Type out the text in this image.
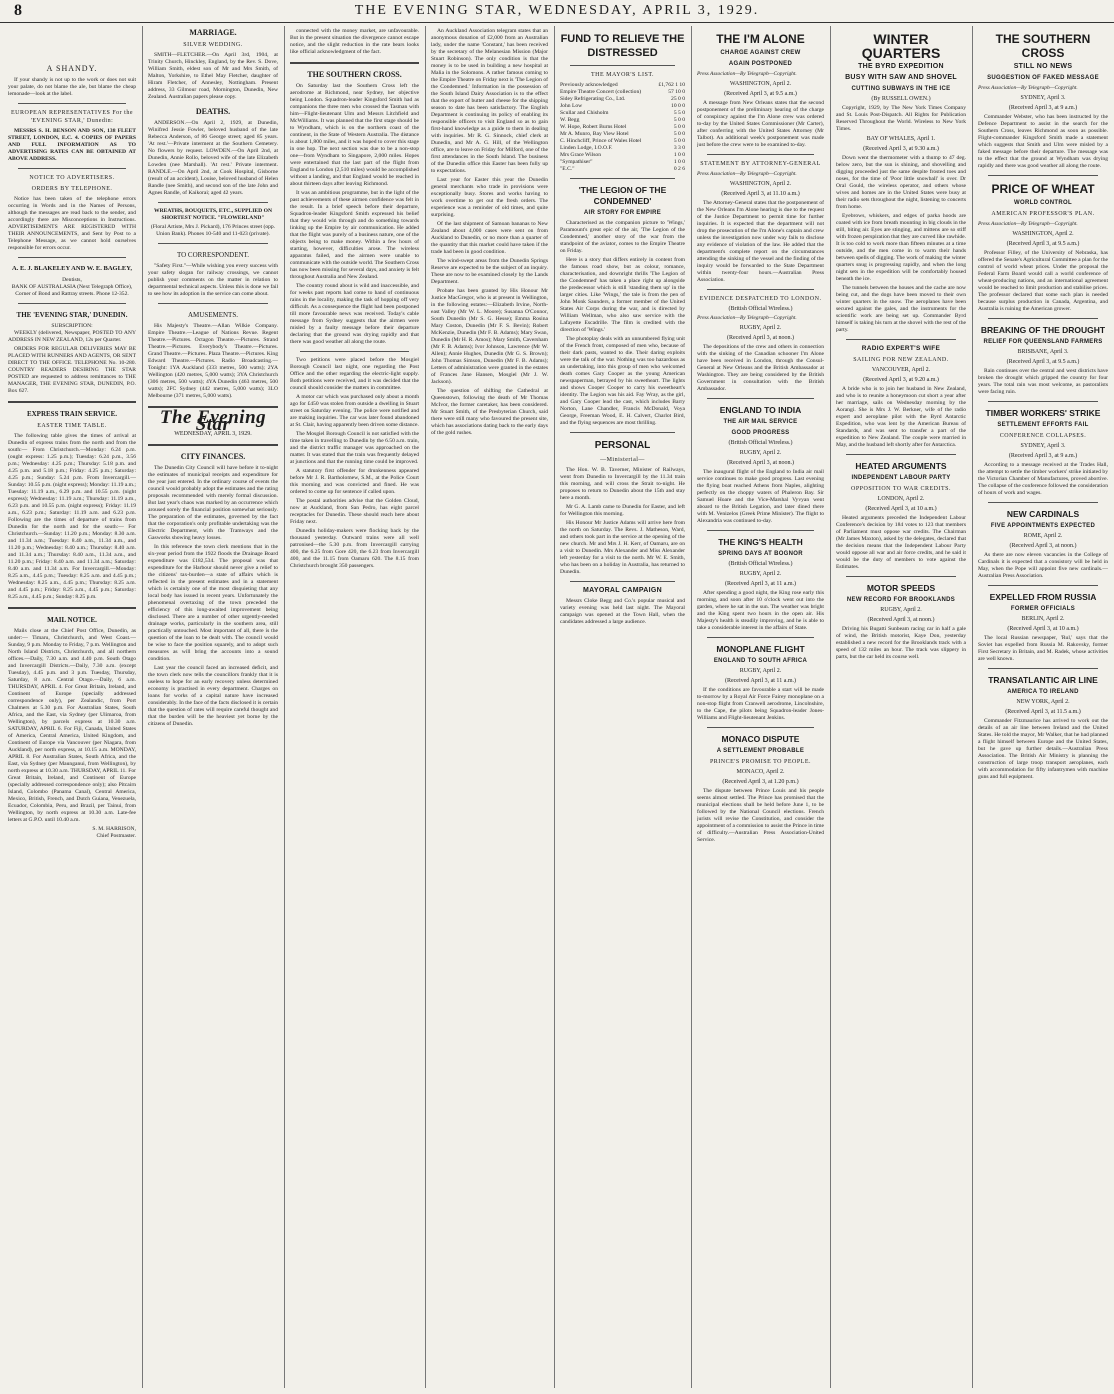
8	THE EVENING STAR, WEDNESDAY, APRIL 3, 1929.
A SHANDY.

If your shandy is not up to the work or does not suit your palate, do not blame the ale, but blame the cheap lemonade—look at the label.

EUROPEAN REPRESENTATIVES For the 'EVENING STAR,' Dunedin:

MESSRS S. H. BENSON AND SON, 138 FLEET STREET, LONDON, E.C. 4. COPIES OF PAPERS AND FULL INFORMATION AS TO ADVERTISING RATES CAN BE OBTAINED AT ABOVE ADDRESS.

NOTICE TO ADVERTISERS.
ORDERS BY TELEPHONE.

Notice has been taken of the telephone errors occurring in Words and in the Names of Persons, although the messages are read back to the sender, and accordingly there are Misconceptions in Instructions. ADVERTISEMENTS ARE REGISTERED WITH THEIR ANNOUNCEMENTS, and Sent by Post to a Telephone Message, as we cannot hold ourselves responsible for errors occur.

A. E. J. BLAKELEY AND W. E. BAGLEY,
Dentists,

BANK OF AUSTRALASIA (Next Telegraph Office), Corner of Bond and Rattray streets. Phone 12-352.

THE 'EVENING STAR,' DUNEDIN.
SUBSCRIPTION:

WEEKLY (delivered, Newspaper, POSTED TO ANY ADDRESS IN NEW ZEALAND, 12s per Quarter.

ORDERS FOR REGULAR DELIVERIES MAY BE PLACED WITH RUNNERS AND AGENTS, OR SENT DIRECT TO THE OFFICE. TELEPHONE No. 10-280. COUNTRY READERS DESIRING THE STAR POSTED are requested to address remittances to THE MANAGER, THE EVENING STAR, DUNEDIN, P.O. Box 627.

EXPRESS TRAIN SERVICE.
EASTER TIME TABLE.

The following table gives the times of arrival at Dunedin of express trains from the north and from the south:— From Christchurch.—Monday: 6.24 p.m. (ought express: 1.25 p.m.); Tuesday: 6.24 p.m., 3.56 p.m.; Wednesday: 4.25 p.m.; Thursday: 5.18 p.m. and 4.25 p.m. and 5.18 p.m.; Friday: 4.25 p.m.; Saturday: 4.25 p.m.; Sunday: 5.24 p.m. From Invercargill.—Sunday: 10.55 p.m. (night express); Monday: 11.19 a.m.; Tuesday: 11.19 a.m., 6.29 p.m. and 10.55 p.m. (night express); Wednesday: 11.19 a.m.; Thursday: 11.19 a.m., 6.23 p.m. and 10.55 p.m. (night express); Friday: 11.19 a.m., 6.23 p.m.; Saturday: 11.19 a.m. and 6.23 p.m. Following are the times of departure of trains from Dunedin for the north and for the south:— For Christchurch.—Sunday: 11.20 p.m.; Monday: 8.30 a.m. and 11.34 a.m.; Tuesday: 8.40 a.m., 11.34 a.m., and 11.20 p.m.; Wednesday: 8.40 a.m.; Thursday: 8.40 a.m. and 11.34 a.m.; Thursday: 8.40 a.m., 11.34 a.m., and 11.20 p.m.; Friday: 8.40 a.m. and 11.34 a.m.; Saturday: 8.40 a.m. and 11.34 a.m. For Invercargill.—Monday: 8.25 a.m., 4.45 p.m.; Tuesday: 8.25 a.m. and 4.45 p.m.; Wednesday: 8.25 a.m., 4.45 p.m.; Thursday: 8.25 a.m. and 4.45 p.m.; Friday: 8.25 a.m., 4.45 p.m.; Saturday: 8.25 a.m., 4.45 p.m.; Sunday: 8.25 p.m.

MAIL NOTICE.

Mails close at the Chief Post Office, Dunedin, as under:— Timaru, Christchurch, and West Coast.—Sunday, 9 p.m. Monday to Friday, 7 p.m. Wellington and North Island Districts, Christchurch, and all northern offices.—Daily, 7.30 a.m. and 4.40 p.m. South Otago and Invercargill Districts.—Daily, 7.30 a.m. (except Tuesday), 4.45 p.m. and 3 p.m. Tuesday, Thursday, Saturday, 8 a.m. Central Otago.—Daily, 6 a.m. THURSDAY, APRIL 4. For Great Britain, Ireland, and Continent of Europe (specially addressed correspondence only), per Zealandic, from Port Chalmers at 5.30 p.m. For Australian States, South Africa, and the East, via Sydney (per Ulimaroa, from Wellington), by parcels express at 10.30 a.m. SATURDAY, APRIL 6. For Fiji, Canada, United States of America, Central America, United Kingdom, and Continent of Europe via Vancouver (per Niagara, from Auckland), per north express, at 10.15 a.m. MONDAY, APRIL 8. For Australian States, South Africa, and the East, via Sydney (per Maunganui, from Wellington), by north express at 10.30 a.m. THURSDAY, APRIL 11. For Great Britain, Ireland, and Continent of Europe (specially addressed correspondence only); also Pitcairn Island, Colombo (Panama Canal), Central America, Mexico, British, French, and Dutch Guiana, Venezuela, Ecuador, Colombia, Peru, and Brazil, per Tainui, from Wellington, by north express at 10.30 a.m. Late-fee letters at G.P.O. until 10.40 a.m.

S. M. HARRISON,
Chief Postmaster.
MARRIAGE.
SILVER WEDDING.

SMITH—FLETCHER.—On April 3rd, 1904, at Trinity Church, Hinckley, England, by the Rev. S. Dove, William Smith, eldest son of Mr and Mrs Smith, of Malton, Yorkshire, to Ethel May Fletcher, daughter of Hiram Fletcher, of Annesley, Nottingham. Present address, 33 Gilmour road, Mornington, Dunedin, New Zealand. Australian papers please copy.

DEATHS.

ANDERSON.—On April 2, 1929, at Dunedin, Winifred Jessie Fowler, beloved husband of the late Rebecca Anderson, of 86 George street; aged 85 years. 'At rest.'—Private interment at the Southern Cemetery. No flowers by request. LOWDEN.—On April 2nd, at Dunedin, Annie Rollo, beloved wife of the late Elizabeth Lowden (nee Marshall). 'At rest.' Private interment. RANDLE.—On April 2nd, at Cook Hospital, Gisborne (result of an accident), Louise, beloved husband of Helen Randle (nee Smith), and second son of the late John and Agnes Randle, of Kaikorai; aged 42 years.

WREATHS, BOUQUETS, ETC., SUPPLIED ON SHORTEST NOTICE. "FLOWERLAND"

(Floral Artiste, Mrs J. Pickard), 176 Princes street (opp. Union Bank). Phones 10-540 and 11-023 (private).

TO CORRESPONDENT.

"Safety First."—While wishing you every success with your safety slogan for railway crossings, we cannot publish your comments on the matter in relation to departmental technical aspects. Unless this is done we fail to see how its adoption in the service can come about.

AMUSEMENTS.

His Majesty's Theatre.—Allan Wilkie Company. Empire Theatre.—League of Nations Revue. Regent Theatre.—Pictures. Octagon Theatre.—Pictures. Strand Theatre.—Pictures. Everybody's Theatre.—Pictures. Grand Theatre.—Pictures. Plaza Theatre.—Pictures. King Edward Theatre.—Pictures. Radio Broadcasting.—Tonight: 1YA Auckland (333 metres, 500 watts); 2YA Wellington (420 metres, 5,000 watts); 3YA Christchurch (306 metres, 500 watts); 4YA Dunedin (463 metres, 500 watts); 2FC Sydney (442 metres, 5,000 watts); 3LO Melbourne (371 metres, 5,000 watts).

The Evening Star
WEDNESDAY, APRIL 3, 1929.
CITY FINANCES.

The Dunedin City Council will have before it to-night the estimates of municipal receipts and expenditure for the year just entered. In the ordinary course of events the council would probably adopt the estimates and the rating proposals recommended with merely formal discussion. But last year's chaos was marked by an occurrence which aroused sorely the financial position somewhat seriously. The preparation of the estimates, governed by the fact that the corporation's only profitable undertaking was the Electric Department, with the Tramways and the Gasworks showing heavy losses.

In this reference the town clerk mentions that in the six-year period from the 1922 floods the Drainage Board expenditure was £182,534. The proposal was that expenditure for the Harbour should never give a relief to the citizens' tax-burden—a state of affairs which is reflected in the present estimates and in a statement which is certainly one of the most disquieting that any local body has issued in recent years. Unfortunately the phenomenal overtaxing of the town preceded the efficiency of this long-awaited improvement being disclosed. There are a number of other urgently-needed drainage works, particularly in the southern area, still practically untouched. Most important of all, there is the question of the loan to be dealt with. The council would be wise to face the position squarely, and to adopt such measures as will bring the accounts into a sound condition.

Last year the council faced an increased deficit, and the town clerk now tells the councillors frankly that it is useless to hope for an early recovery unless determined economy is practised in every department. Charges on loans for works of a capital nature have increased considerably. In the face of the facts disclosed it is certain that the question of rates will require careful thought and that the burden will be the heaviest yet borne by the citizens of Dunedin.

connected with the money market, are unfavourable. But in the present situation the divergence cannot escape notice, and the slight reduction in the rate bears looks like official acknowledgment of the fact.

THE SOUTHERN CROSS.

On Saturday last the Southern Cross left the aerodrome at Richmond, near Sydney, her objective being London. Squadron-leader Kingsford Smith had as companions the three men who crossed the Tasman with him—Flight-lieutenant Ulm and Messrs Litchfield and McWilliams. It was planned that the first stage should be to Wyndham, which is on the northern coast of the continent, in the State of Western Australia. The distance is about 1,800 miles, and it was hoped to cover this stage in one hop. The next section was due to be a non-stop one—from Wyndham to Singapore, 2,000 miles. Hopes were entertained that the last part of the flight from England to London (2,510 miles) would be accomplished without a landing, and that England would be reached in about thirteen days after leaving Richmond.

It was an ambitious programme, but in the light of the past achievements of these airmen confidence was felt in the result. In a brief speech before their departure, Squadron-leader Kingsford Smith expressed his belief that they would win through and do something towards linking up the Empire by air communication. He added that the flight was purely of a business nature, one of the objects being to make money. Within a few hours of starting, however, difficulties arose. The wireless apparatus failed, and the airmen were unable to communicate with the outside world. The Southern Cross has now been missing for several days, and anxiety is felt throughout Australia and New Zealand.

The country round about is wild and inaccessible, and for weeks past reports had come to hand of continuous rains in the locality, making the task of hopping off very difficult. As a consequence the flight had been postponed till more favourable news was received. Today's cable message from Sydney suggests that the airmen were misled by a faulty message before their departure declaring that the ground was drying rapidly and that there was good weather all along the route.

Two petitions were placed before the Mosgiel Borough Council last night, one regarding the Post Office and the other regarding the electric-light supply. Both petitions were received, and it was decided that the council should consider the matters in committee.

A motor car which was purchased only about a month ago for £450 was stolen from outside a dwelling in Stuart street on Saturday evening. The police were notified and are making inquiries. The car was later found abandoned at St. Clair, having apparently been driven some distance.

The Mosgiel Borough Council is not satisfied with the time taken in travelling to Dunedin by the 6.50 a.m. train, and the district traffic manager was approached on the matter. It was stated that the train was frequently delayed at junctions and that the running time could be improved.

A statutory first offender for drunkenness appeared before Mr J. R. Bartholomew, S.M., at the Police Court this morning and was convicted and fined. He was ordered to come up for sentence if called upon.

The postal authorities advise that the Golden Cloud, now at Auckland, from San Pedro, has eight parcel receptacles for Dunedin. These should reach here about Friday next.

Dunedin holiday-makers were flocking back by the thousand yesterday. Outward trains were all well patronised—the 5.30 p.m. from Invercargill carrying 400, the 6.25 from Gore 420, the 6.23 from Invercargill 400, and the 11.15 from Oamaru 620. The 8.15 from Christchurch brought 350 passengers.

An Auckland Association telegram states that an anonymous donation of £2,000 from an Australian lady, under the name 'Constant,' has been received by the secretary of the Melanesian Mission (Major Stuart Robinson). The only condition is that the money is to be used in building a new hospital at Malia in the Solomons. A rather famous coming to the Empire Theatre on Friday next is 'The Legion of the Condemned.' Information in the possession of the South Island Dairy Association is to the effect that the export of butter and cheese for the shipping season to date has been satisfactory. The English Department is continuing its policy of enabling its responsible officers to visit England so as to gain first-hand knowledge as a guide to them in dealing with inquiries. Mr R. G. Sinnock, chief clerk at Dunedin, and Mr A. G. Hill, of the Wellington office, are to leave on Friday for Milford, one of the first attendances in the South Island. The business of the Dunedin office this Easter has been fully up to expectations.

Last year for Easter this year the Dunedin general merchants who trade in provisions were exceptionally busy. Stores and works having to work overtime to get out the fresh orders. The experience was a reminder of old times, and quite surprising.

Of the last shipment of Samoan bananas to New Zealand about 4,000 cases were sent on from Auckland to Dunedin, or no more than a quarter of the quantity that this market could have taken if the trade had been in good condition.

The wind-swept areas from the Dunedin Springs Reserve are expected to be the subject of an inquiry. These are now to be examined closely by the Lands Department.

Probate has been granted by His Honour Mr Justice MacGregor, who is at present in Wellington, in the following estates:—Elizabeth Irvine, North-east Valley (Mr W. L. Moore); Susanna O'Connor, South Dunedin (Mr S. G. Hesse); Emma Rosina Mary Coston, Dunedin (Mr F. S. Bevin); Robert McKenzie, Dunedin (Mr F. B. Adams); Mary Swan, Dunedin (Mr H. R. Amos); Mary Smith, Caversham (Mr F. B. Adams); Ivor Johnson, Lawrence (Mr W. Allen); Annie Hughes, Dunedin (Mr G. S. Brown); John Thomas Simson, Dunedin (Mr F. B. Adams); Letters of administration were granted in the estates of Frances Jane Hansen, Mosgiel (Mr J. W. Jackson).

The question of shifting the Cathedral at Queenstown, following the death of Mr Thomas McIvor, the former caretaker, has been considered. Mr Stuart Smith, of the Presbyterian Church, said there were still many who favoured the present site, which has associations dating back to the early days of the gold rushes.

FUND TO RELIEVE THE DISTRESSED
THE MAYOR'S LIST.
Previously acknowledged	£1,762 1 10
Empire Theatre Concert (collection)	57 10 0
Sidey Refrigerating Co., Ltd.	25 0 0
John Low	10 0 0
Scullar and Chisholm	5 5 0
W. Begg	5 0 0
W. Hope, Robert Burns Hotel	5 0 0
Mr A. Munro, Bay View Hotel	5 0 0
C. Hinchcliff, Prince of Wales Hotel	5 0 0
Linden Lodge, I.O.O.F.	3 3 0
Mrs Grace Wilson	1 0 0
"Sympathiser"	1 0 0
"E.C."	0 2 6
'THE LEGION OF THE CONDEMNED'
AIR STORY FOR EMPIRE

Characterised as the companion picture to 'Wings,' Paramount's great epic of the air, 'The Legion of the Condemned,' another story of the war from the standpoint of the aviator, comes to the Empire Theatre on Friday.

Here is a story that differs entirely in content from the famous road show, but as colour, romance, characterisation, and downright thrills 'The Legion of the Condemned' has taken a place right up alongside the predecessor which is still 'standing them up' in the larger cities. Like 'Wings,' the tale is from the pen of John Monk Saunders, a former member of the United States Air Corps during the war, and is directed by William Wellman, who also saw service with the Lafayette Escadrille. The film is credited with the direction of 'Wings.'

The photoplay deals with an unnumbered flying unit of the French front, composed of men who, because of their dark pasts, wanted to die. Their daring exploits were the talk of the war. Nothing was too hazardous as an undertaking, into this group of men who welcomed death comes Gary Cooper as the young American newspaperman, betrayed by his sweetheart. The lights and shows Cooper Cooper to carry his sweetheart's identity. The Legion was his aid. Fay Wray, as the girl, and Gary Cooper lead the cast, which includes Barry Norton, Lane Chandler, Francis McDonald, Voya George, Freeman Wood, E. H. Calvert, Charlot Bird, and the flying sequences are most thrilling.

PERSONAL
—Ministerial—

The Hon. W. B. Taverner, Minister of Railways, went from Dunedin to Invercargill by the 11.34 train this morning, and will cross the Strait to-night. He proposes to return to Dunedin about the 15th and stay here a month.

Mr G. A. Lamb came to Dunedin for Easter, and left for Wellington this morning.

His Honour Mr Justice Adams will arrive here from the north on Saturday. The Revs. J. Matheson, Ward, and others took part in the service at the opening of the new church. Mr and Mrs J. H. Kerr, of Oamaru, are on a visit to Dunedin. Mrs Alexander and Miss Alexander left yesterday for a visit to the north. Mr W. E. Smith, who has been on a holiday in Australia, has returned to Dunedin.

MAYORAL CAMPAIGN

Messrs Cloke Begg and Co.'s popular musical and variety evening was held last night. The Mayoral campaign was opened at the Town Hall, when the candidates addressed a large audience.

THE I'M ALONE
CHARGE AGAINST CREW
AGAIN POSTPONED
Press Association—By Telegraph—Copyright.
WASHINGTON, April 2.
(Received April 3, at 9.5 a.m.)

A message from New Orleans states that the second postponement of the preliminary hearing of the charge of conspiracy against the I'm Alone crew was ordered to-day by the United States Commissioner (Mr Carter), after conferring with the United States Attorney (Mr Talbot). An additional week's postponement was made just before the crew were to be examined to-day.

STATEMENT BY ATTORNEY-GENERAL
Press Association—By Telegraph—Copyright.
WASHINGTON, April 2.
(Received April 3, at 11.10 a.m.)

The Attorney-General states that the postponement of the New Orleans I'm Alone hearing is due to the request of the Justice Department to permit time for further inquiries. It is expected that the department will not drop the prosecution of the I'm Alone's captain and crew unless the investigation now under way fails to disclose any evidence of violation of the law. He added that the department's complete report on the circumstances attending the sinking of the vessel and the finding of the inquiry would be forwarded to the State Department within twenty-four hours.—Australian Press Association.

EVIDENCE DESPATCHED TO LONDON.
(British Official Wireless.)
Press Association—By Telegraph—Copyright.
RUGBY, April 2.
(Received April 3, at noon.)

The depositions of the crew and others in connection with the sinking of the Canadian schooner I'm Alone have been received in London, through the Consul-General at New Orleans and the British Ambassador at Washington. They are being considered by the British Government in consultation with the British Ambassador.

ENGLAND TO INDIA
THE AIR MAIL SERVICE
GOOD PROGRESS
(British Official Wireless.)
RUGBY, April 2.
(Received April 3, at noon.)

The inaugural flight of the England to India air mail service continues to make good progress. Last evening the flying boat reached Athens from Naples, alighting perfectly on the choppy waters of Phaleron Bay. Sir Samuel Hoare and the Vice-Marshal Vyvyan went aboard to the British Legation, and later dined there with M. Venizelos (Greek Prime Minister). The flight to Alexandria was continued to-day.

THE KING'S HEALTH
SPRING DAYS AT BOGNOR
(British Official Wireless.)
RUGBY, April 2.
(Received April 3, at 11 a.m.)

After spending a good night, the King rose early this morning, and soon after 10 o'clock went out into the garden, where he sat in the sun. The weather was bright and the King spent two hours in the open air. His Majesty's health is steadily improving, and he is able to take a considerable interest in the affairs of State.

MONOPLANE FLIGHT
ENGLAND TO SOUTH AFRICA
RUGBY, April 2.
(Received April 3, at 11 a.m.)

If the conditions are favourable a start will be made to-morrow by a Royal Air Force Fairey monoplane on a non-stop flight from Cranwell aerodrome, Lincolnshire, to the Cape, the pilots being Squadron-leader Jones-Williams and Flight-lieutenant Jenkins.

MONACO DISPUTE
A SETTLEMENT PROBABLE
PRINCE'S PROMISE TO PEOPLE.
MONACO, April 2.
(Received April 3, at 1.20 p.m.)

The dispute between Prince Louis and his people seems almost settled. The Prince has promised that the municipal elections shall be held before June 1, to be followed by the National Council elections. French jurists will revise the Constitution, and consider the appointment of a commission to assist the Prince in time of difficulty.—Australian Press Association-United Service.

WINTER QUARTERS
THE BYRD EXPEDITION
BUSY WITH SAW AND SHOVEL
CUTTING SUBWAYS IN THE ICE
(By RUSSELL OWEN.)

Copyright, 1929, by The New York Times Company and St. Louis Post-Dispatch. All Rights for Publication Reserved Throughout the World. Wireless to New York Times.

BAY OF WHALES, April 1.
(Received April 3, at 9.30 a.m.)

Down went the thermometer with a thump to 47 deg. below zero, but the sun is shining, and shovelling and digging proceeded just the same despite frosted toes and noses, for the time of 'Poor little snowball' is over. Dr Oral Gould, the wireless operator, and others whose wives and homes are in the United States were busy at their radio sets throughout the night, listening to concerts from home.

Eyebrows, whiskers, and edges of parka hoods are coated with ice from breath mounting in big clouds in the still, biting air. Eyes are stinging, and mittens are so stiff with frozen perspiration that they are curved like rawhide. It is too cold to work more than fifteen minutes at a time outside, and the men come in to warm their hands between spells of digging. The work of making the winter quarters snug is progressing rapidly, and when the long night sets in the expedition will be comfortably housed beneath the ice.

The tunnels between the houses and the cache are now being cut, and the dogs have been moved to their own winter quarters in the snow. The aeroplanes have been secured against the gales, and the instruments for the scientific work are being set up. Commander Byrd himself is taking his turn at the shovel with the rest of the party.

RADIO EXPERT'S WIFE
SAILING FOR NEW ZEALAND.
VANCOUVER, April 2.
(Received April 3, at 9.20 a.m.)

A bride who is to join her husband in New Zealand, and who is to reunite a honeymoon cut short a year after her marriage, sails on Wednesday morning by the Aorangi. She is Mrs J. W. Berkner, wife of the radio expert and aeroplane pilot with the Byrd Antarctic Expedition, who was lent by the American Bureau of Standards, and was sent to transfer a part of the expedition to New Zealand. The couple were married in May, and the husband left shortly after for Antarctica.

HEATED ARGUMENTS
INDEPENDENT LABOUR PARTY
OPPOSITION TO WAR CREDITS.
LONDON, April 2.
(Received April 3, at 10 a.m.)

Heated arguments preceded the Independent Labour Conference's decision by 184 votes to 123 that members of Parliament must oppose war credits. The Chairman (Mr James Maxton), asked by the delegates, declared that the decision means that the Independent Labour Party would oppose all war and air force credits, and he said it would be the duty of members to vote against the Estimates.

MOTOR SPEEDS
NEW RECORD FOR BROOKLANDS
RUGBY, April 2.
(Received April 3, at noon.)

Driving his Bugatti Sunbeam racing car in half a gale of wind, the British motorist, Kaye Don, yesterday established a new record for the Brooklands track with a speed of 132 miles an hour. The track was slippery in parts, but the car held its course well.

THE SOUTHERN CROSS
STILL NO NEWS
SUGGESTION OF FAKED MESSAGE
Press Association—By Telegraph—Copyright.
SYDNEY, April 3.
(Received April 3, at 9 a.m.)

Commander Webster, who has been instructed by the Defence Department to assist in the search for the Southern Cross, leaves Richmond as soon as possible. Flight-commander Kingsford Smith made a statement which suggests that Smith and Ulm were misled by a faked message before their departure. The message was to the effect that the ground at Wyndham was drying rapidly and there was good weather all along the route.

PRICE OF WHEAT
WORLD CONTROL
AMERICAN PROFESSOR'S PLAN.
Press Association—By Telegraph—Copyright.
WASHINGTON, April 2.
(Received April 3, at 9.5 a.m.)

Professor Filley, of the University of Nebraska, has offered the Senate's Agricultural Committee a plan for the control of world wheat prices. Under the proposal the Federal Farm Board would call a world conference of wheat-producing nations, and an international agreement would be reached to limit production and stabilise prices. The professor declared that some such plan is needed because surplus production in Canada, Argentina, and Australia is ruining the American grower.

BREAKING OF THE DROUGHT
RELIEF FOR QUEENSLAND FARMERS
BRISBANE, April 3.
(Received April 3, at 9.5 a.m.)

Rain continues over the central and west districts have broken the drought which gripped the country for four years. The total rain was most welcome, as pastoralists were facing ruin.

TIMBER WORKERS' STRIKE
SETTLEMENT EFFORTS FAIL
CONFERENCE COLLAPSES.
SYDNEY, April 3.
(Received April 3, at 9 a.m.)

According to a message received at the Trades Hall, the attempt to settle the timber workers' strike initiated by the Victorian Chamber of Manufactures, proved abortive. The collapse of the conference followed the consideration of hours of work and wages.

NEW CARDINALS
FIVE APPOINTMENTS EXPECTED
ROME, April 2.
(Received April 3, at noon.)

As there are now eleven vacancies in the College of Cardinals it is expected that a consistory will be held in May, when the Pope will appoint five new cardinals.—Australian Press Association.

EXPELLED FROM RUSSIA
FORMER OFFICIALS
BERLIN, April 2.
(Received April 3, at 10 a.m.)

The local Russian newspaper, 'Rul,' says that the Soviet has expelled from Russia M. Rakovsky, former First Secretary in Britain, and M. Radek, whose activities are well known.

TRANSATLANTIC AIR LINE
AMERICA TO IRELAND
NEW YORK, April 2.
(Received April 3, at 11.5 a.m.)

Commander Fitzmaurice has arrived to work out the details of an air line between Ireland and the United States. He told the mayor, Mr Walker, that he had planned a flight himself between Europe and the United States, but he gave up further details.—Australian Press Association. The British Air Ministry is planning the construction of large troop transport aeroplanes, each with accommodation for fifty infantrymen with machine guns and full equipment.
